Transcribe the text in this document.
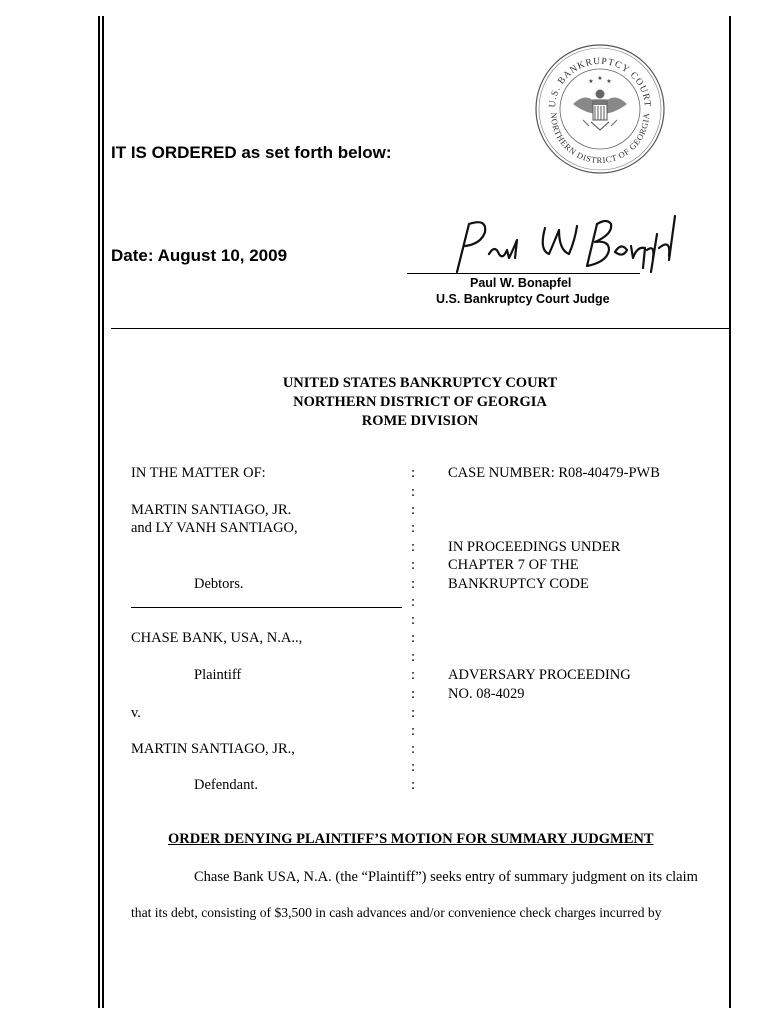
U.S. BANKRUPTCY COURT
NORTHERN DISTRICT OF GEORGIA
★
★ ★
IT IS ORDERED as set forth below:
Date: August 10, 2009
Paul W. Bonapfel
U.S. Bankruptcy Court Judge
UNITED STATES BANKRUPTCY COURT
NORTHERN DISTRICT OF GEORGIA
ROME DIVISION
IN THE MATTER OF:
MARTIN SANTIAGO, JR.
and LY VANH SANTIAGO,
Debtors.
CHASE BANK, USA, N.A..,
Plaintiff
v.
MARTIN SANTIAGO, JR.,
Defendant.
:
:
:
:
:
:
:
:
:
:
:
:
:
:
:
:
:
:
CASE NUMBER: R08-40479-PWB
IN PROCEEDINGS UNDER
CHAPTER 7 OF THE
BANKRUPTCY CODE
ADVERSARY PROCEEDING
NO. 08-4029
ORDER DENYING PLAINTIFF’S MOTION FOR SUMMARY JUDGMENT
Chase Bank USA, N.A. (the “Plaintiff”) seeks entry of summary judgment on its claim
that its debt, consisting of $3,500 in cash advances and/or convenience check charges incurred by
